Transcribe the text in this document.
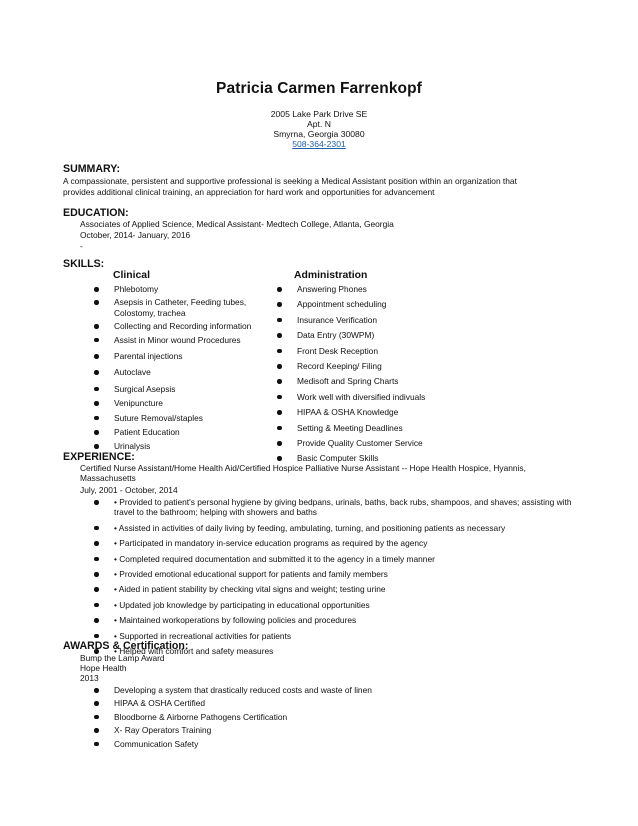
Patricia Carmen Farrenkopf
2005 Lake Park Drive SE
Apt. N
Smyrna, Georgia 30080
508-364-2301
SUMMARY:
A compassionate, persistent and supportive professional is seeking a Medical Assistant position within an organization that
provides additional clinical training, an appreciation for hard work and opportunities for advancement
EDUCATION:
Associates of Applied Science, Medical Assistant- Medtech College, Atlanta, Georgia
October, 2014- January, 2016
-
SKILLS:
Clinical	Administration
Phlebotomy
Asepsis in Catheter, Feeding tubes, Colostomy, trachea
Collecting and Recording information
Assist in Minor wound Procedures
Parental injections
Autoclave
Surgical Asepsis
Venipuncture
Suture Removal/staples
Patient Education
Urinalysis
Answering Phones
Appointment scheduling
Insurance Verification
Data Entry (30WPM)
Front Desk Reception
Record Keeping/ Filing
Medisoft and Spring Charts
Work well with diversified indivuals
HIPAA & OSHA Knowledge
Setting & Meeting Deadlines
Provide Quality Customer Service
Basic Computer Skills
EXPERIENCE:
Certified Nurse Assistant/Home Health Aid/Certified Hospice Palliative Nurse Assistant -- Hope Health Hospice, Hyannis, Massachusetts
July, 2001 - October, 2014
• Provided to patient's personal hygiene by giving bedpans, urinals, baths, back rubs, shampoos, and shaves; assisting with travel to the bathroom; helping with showers and baths
• Assisted in activities of daily living by feeding, ambulating, turning, and positioning patients as necessary
• Participated in mandatory in-service education programs as required by the agency
• Completed required documentation and submitted it to the agency in a timely manner
• Provided emotional educational support for patients and family members
• Aided in patient stability by checking vital signs and weight; testing urine
• Updated job knowledge by participating in educational opportunities
• Maintained workoperations by following policies and procedures
• Supported in recreational activities for patients
• Helped with comfort and safety measures
AWARDS & Certification:
Bump the Lamp Award
Hope Health
2013
Developing a system that drastically reduced costs and waste of linen
HIPAA & OSHA Certified
Bloodborne & Airborne Pathogens Certification
X- Ray Operators Training
Communication Safety
